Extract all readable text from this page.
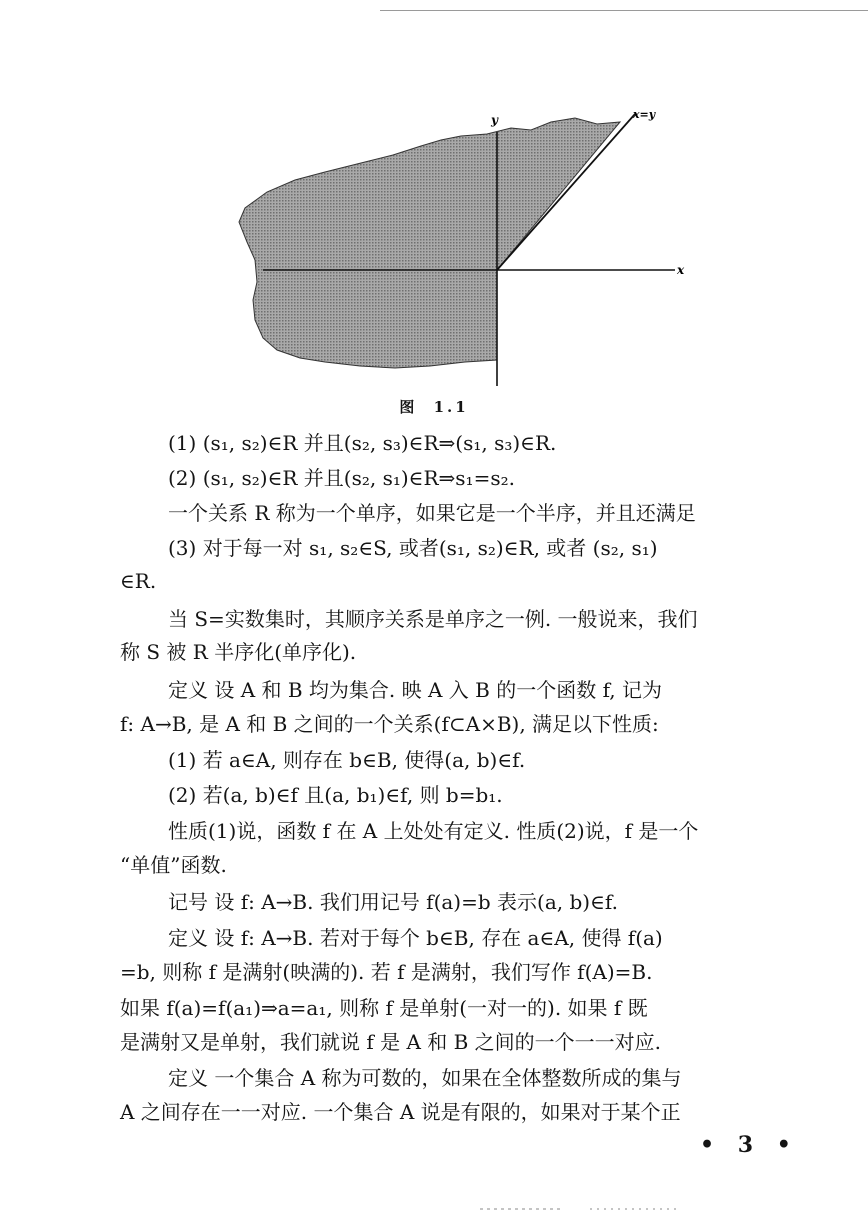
y	x=y
x
图 1.1
(1) (s₁, s₂)∈R 并且(s₂, s₃)∈R⇒(s₁, s₃)∈R.
(2) (s₁, s₂)∈R 并且(s₂, s₁)∈R⇒s₁=s₂.
一个关系 R 称为一个单序，如果它是一个半序，并且还满足
(3) 对于每一对 s₁, s₂∈S, 或者(s₁, s₂)∈R, 或者 (s₂, s₁)
∈R.
当 S=实数集时，其顺序关系是单序之一例. 一般说来，我们
称 S 被 R 半序化(单序化).
定义 设 A 和 B 均为集合. 映 A 入 B 的一个函数 f, 记为
f: A→B, 是 A 和 B 之间的一个关系(f⊂A×B), 满足以下性质:
(1) 若 a∈A, 则存在 b∈B, 使得(a, b)∈f.
(2) 若(a, b)∈f 且(a, b₁)∈f, 则 b=b₁.
性质(1)说，函数 f 在 A 上处处有定义. 性质(2)说，f 是一个
“单值”函数.
记号 设 f: A→B. 我们用记号 f(a)=b 表示(a, b)∈f.
定义 设 f: A→B. 若对于每个 b∈B, 存在 a∈A, 使得 f(a)
=b, 则称 f 是满射(映满的). 若 f 是满射，我们写作 f(A)=B.
如果 f(a)=f(a₁)⇒a=a₁, 则称 f 是单射(一对一的). 如果 f 既
是满射又是单射，我们就说 f 是 A 和 B 之间的一个一一对应.
定义 一个集合 A 称为可数的，如果在全体整数所成的集与
A 之间存在一一对应. 一个集合 A 说是有限的，如果对于某个正
• 3 •
